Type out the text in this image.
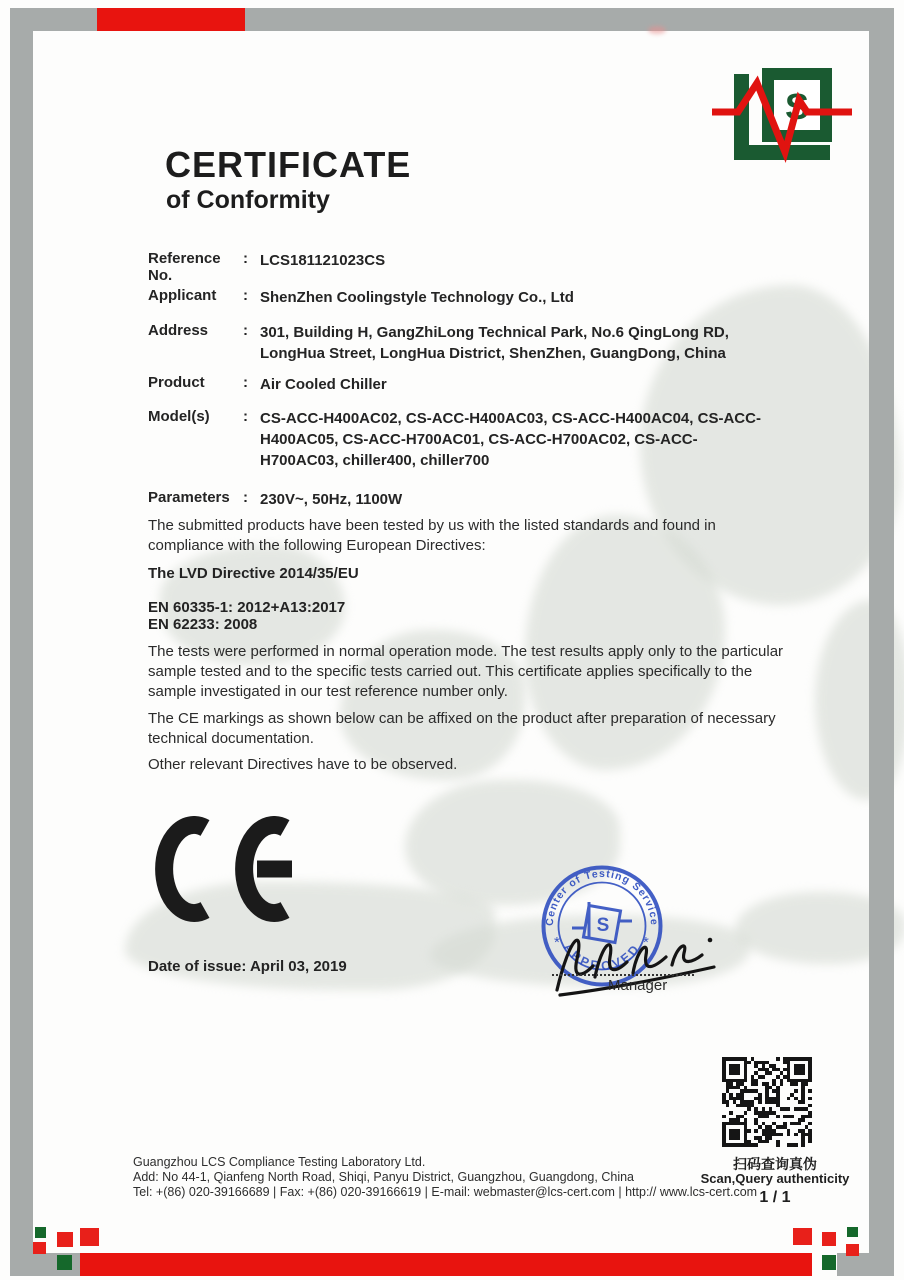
S
CERTIFICATE
of Conformity
Reference No.
: LCS181121023CS
Applicant	: ShenZhen Coolingstyle Technology Co., Ltd
Address	: 301, Building H, GangZhiLong Technical Park, No.6 QingLong RD, LongHua Street, LongHua District, ShenZhen, GuangDong, China
Product	: Air Cooled Chiller
Model(s)	: CS-ACC-H400AC02, CS-ACC-H400AC03, CS-ACC-H400AC04, CS-ACC-H400AC05, CS-ACC-H700AC01, CS-ACC-H700AC02, CS-ACC-H700AC03, chiller400, chiller700
Parameters : 230V~, 50Hz, 1100W
The submitted products have been tested by us with the listed standards and found in compliance with the following European Directives:
The LVD Directive 2014/35/EU
EN 60335-1: 2012+A13:2017
EN 62233: 2008
The tests were performed in normal operation mode. The test results apply only to the particular sample tested and to the specific tests carried out. This certificate applies specifically to the sample investigated in our test reference number only.
The CE markings as shown below can be affixed on the product after preparation of necessary technical documentation.
Other relevant Directives have to be observed.
Date of issue: April 03, 2019
Center of Testing Service
APPROVED
*	*
S
Manager
扫码查询真伪
Scan,Query authenticity
1 / 1
Guangzhou LCS Compliance Testing Laboratory Ltd.
Add: No 44-1, Qianfeng North Road, Shiqi, Panyu District, Guangzhou, Guangdong, China
Tel: +(86) 020-39166689 | Fax: +(86) 020-39166619 | E-mail: webmaster@lcs-cert.com | http:// www.lcs-cert.com
